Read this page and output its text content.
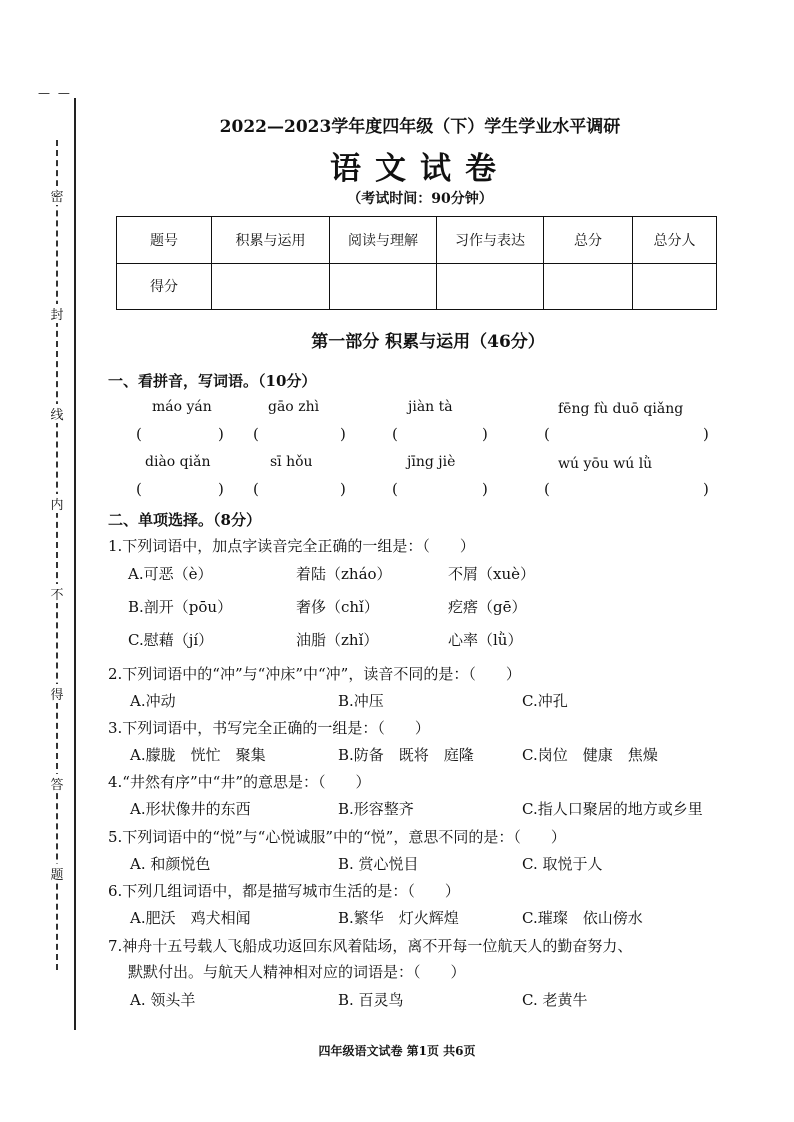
— —
密
封
线
内
不
得
答
题
2022—2023学年度四年级（下）学生学业水平调研
语文试卷
（考试时间：90分钟）
题号	积累与运用	阅读与理解	习作与表达	总分	总分人
得分					
第一部分 积累与运用（46分）
一、看拼音，写词语。（10分）
máo yán	gāo zhì	jiàn tà	fēng fù duō qiǎng
(	) (	)	(	)	(	)
diào qiǎn	sī hǒu	jīng jiè	wú yōu wú lǜ
(	) (	)	(	)	(	)
二、单项选择。（8分）
1.下列词语中，加点字读音完全正确的一组是：（　　）
A.可恶（è）	着陆（zháo）	不屑（xuè）
B.剖开（pōu）	奢侈（chǐ）	疙瘩（gē）
C.慰藉（jí）	油脂（zhǐ）	心率（lǜ）
2.下列词语中的“冲”与“冲床”中“冲”，读音不同的是：（　　）
A.冲动	B.冲压	C.冲孔
3.下列词语中，书写完全正确的一组是：（　　）
A.朦胧　恍忙　聚集	B.防备　既将　庭隆	C.岗位　健康　焦燥
4.“井然有序”中“井”的意思是：（　　）
A.形状像井的东西	B.形容整齐	C.指人口聚居的地方或乡里
5.下列词语中的“悦”与“心悦诚服”中的“悦”，意思不同的是：（　　）
A. 和颜悦色	B. 赏心悦目	C. 取悦于人
6.下列几组词语中，都是描写城市生活的是：（　　）
A.肥沃　鸡犬相闻	B.繁华　灯火辉煌	C.璀璨　依山傍水
7.神舟十五号载人飞船成功返回东风着陆场，离不开每一位航天人的勤奋努力、
默默付出。与航天人精神相对应的词语是：（　　）
A. 领头羊	B. 百灵鸟	C. 老黄牛
四年级语文试卷 第1页 共6页
